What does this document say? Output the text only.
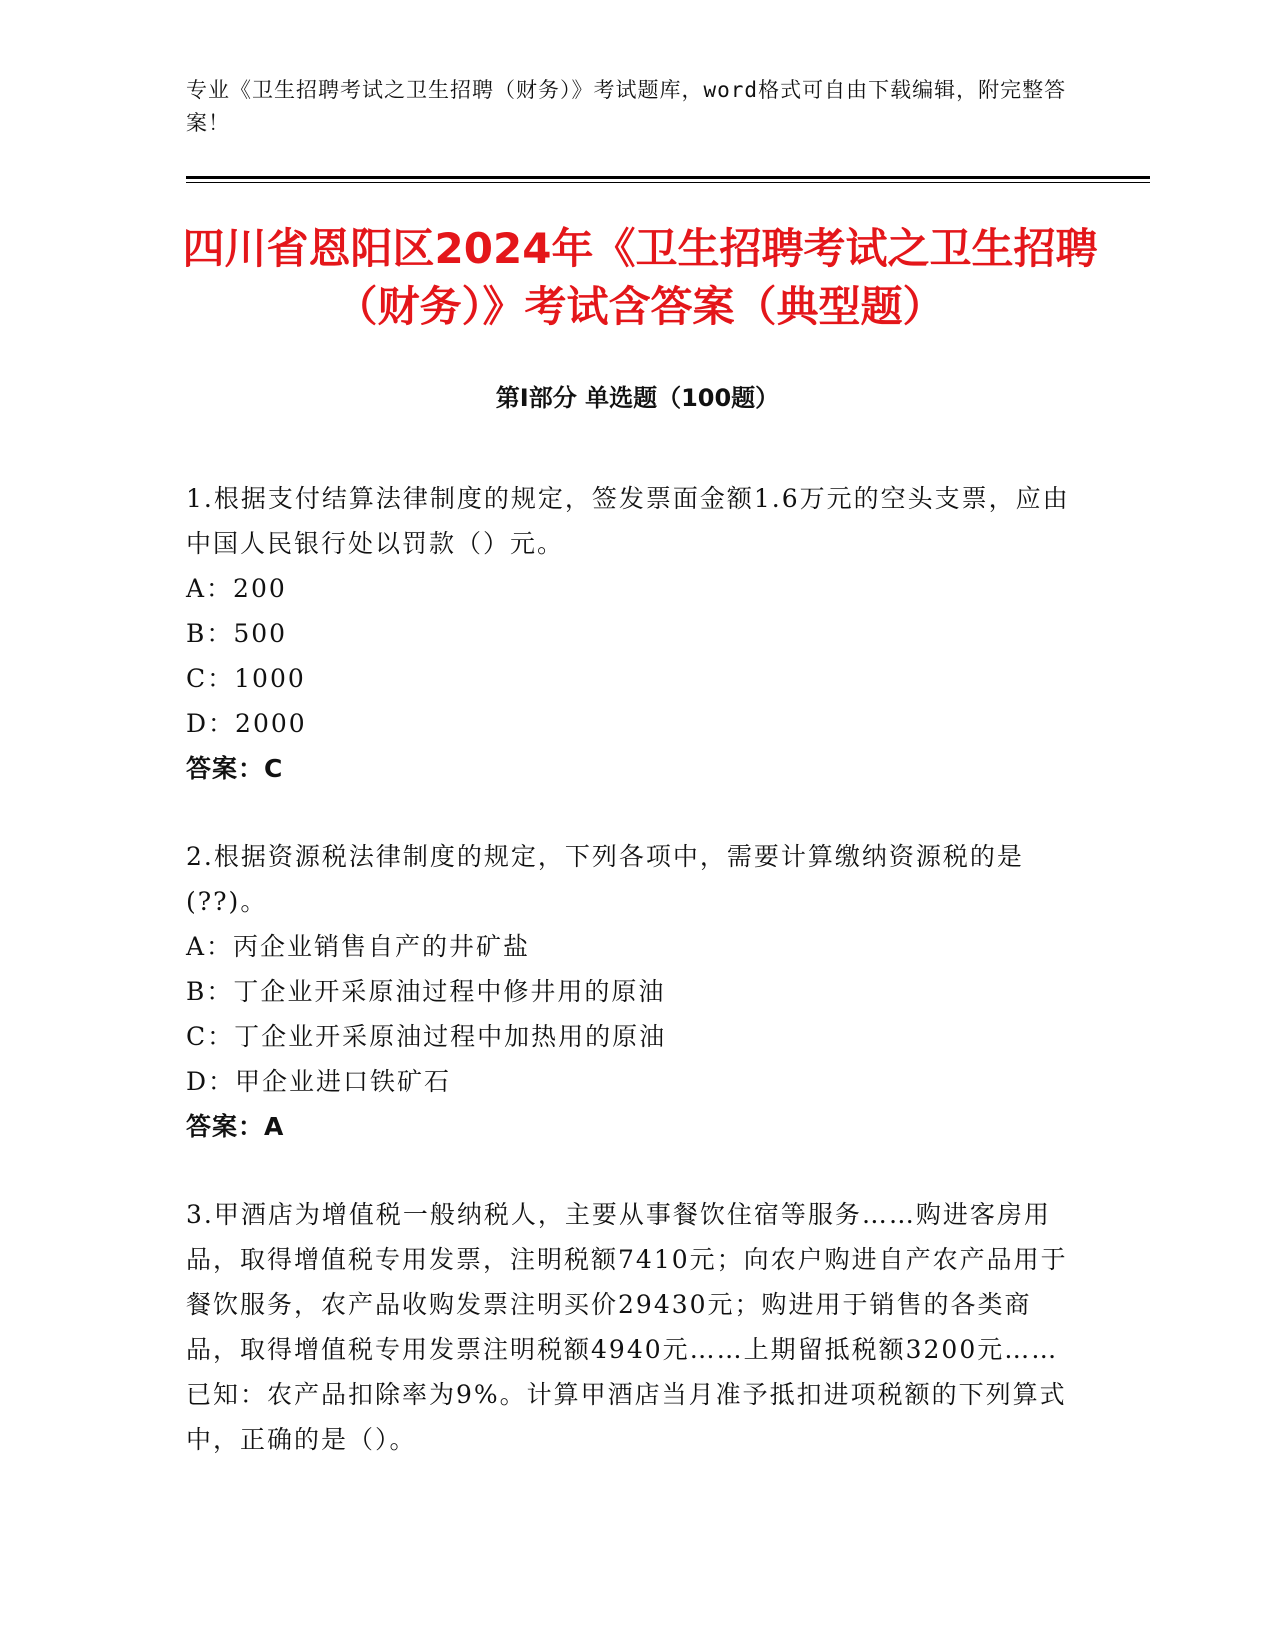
专业《卫生招聘考试之卫生招聘（财务）》考试题库，word格式可自由下载编辑，附完整答案！
四川省恩阳区2024年《卫生招聘考试之卫生招聘（财务）》考试含答案（典型题）
第Ⅰ部分 单选题（100题）

1.根据支付结算法律制度的规定，签发票面金额1.6万元的空头支票，应由中国人民银行处以罚款（）元。

A：200

B：500

C：1000

D：2000

答案：C

2.根据资源税法律制度的规定，下列各项中，需要计算缴纳资源税的是(??)。

A：丙企业销售自产的井矿盐

B：丁企业开采原油过程中修井用的原油

C：丁企业开采原油过程中加热用的原油

D：甲企业进口铁矿石

答案：A

3.甲酒店为增值税一般纳税人，主要从事餐饮住宿等服务……购进客房用品，取得增值税专用发票，注明税额7410元；向农户购进自产农产品用于餐饮服务，农产品收购发票注明买价29430元；购进用于销售的各类商品，取得增值税专用发票注明税额4940元……上期留抵税额3200元……已知：农产品扣除率为9%。计算甲酒店当月准予抵扣进项税额的下列算式中，正确的是（）。
